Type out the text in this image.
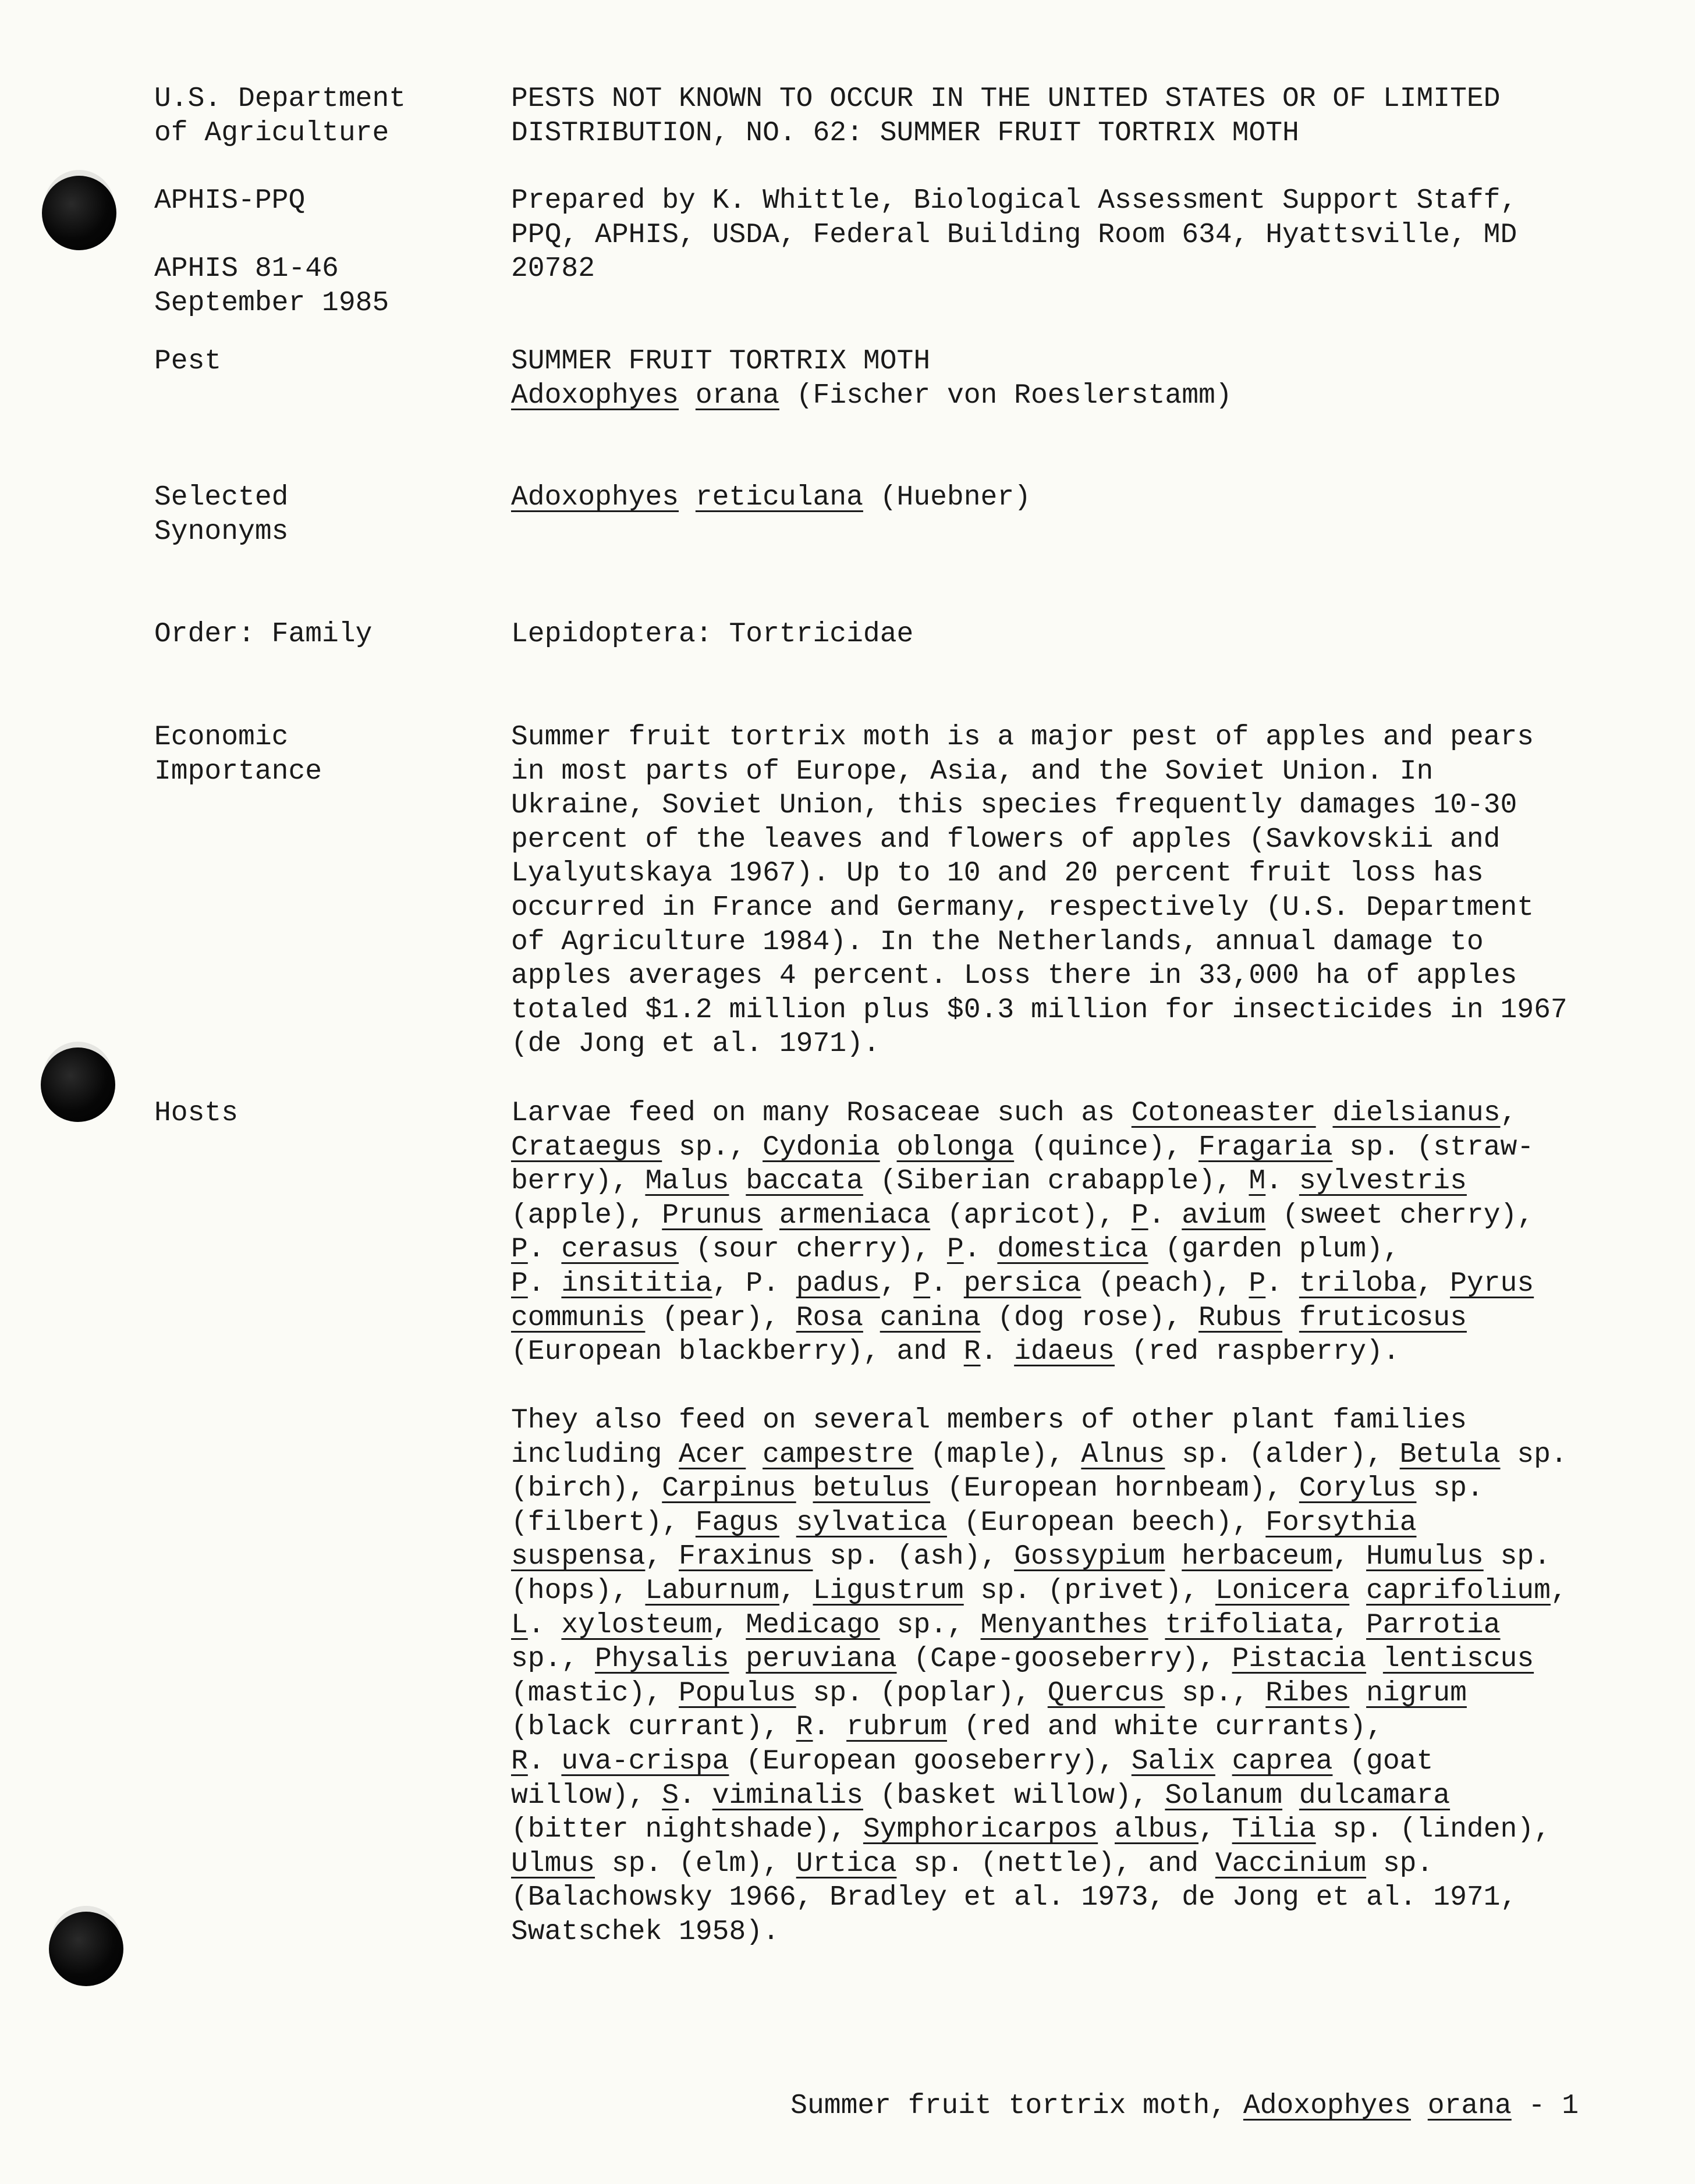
U.S. Department
of Agriculture
APHIS-PPQ
APHIS 81-46
September 1985
Pest
Selected
Synonyms
Order: Family
Economic
Importance
Hosts
PESTS NOT KNOWN TO OCCUR IN THE UNITED STATES OR OF LIMITED
DISTRIBUTION, NO. 62: SUMMER FRUIT TORTRIX MOTH
Prepared by K. Whittle, Biological Assessment Support Staff,
PPQ, APHIS, USDA, Federal Building Room 634, Hyattsville, MD
20782
SUMMER FRUIT TORTRIX MOTH
Adoxophyes orana (Fischer von Roeslerstamm)
Adoxophyes reticulana (Huebner)
Lepidoptera: Tortricidae
Summer fruit tortrix moth is a major pest of apples and pears
in most parts of Europe, Asia, and the Soviet Union. In
Ukraine, Soviet Union, this species frequently damages 10-30
percent of the leaves and flowers of apples (Savkovskii and
Lyalyutskaya 1967). Up to 10 and 20 percent fruit loss has
occurred in France and Germany, respectively (U.S. Department
of Agriculture 1984). In the Netherlands, annual damage to
apples averages 4 percent. Loss there in 33,000 ha of apples
totaled $1.2 million plus $0.3 million for insecticides in 1967
(de Jong et al. 1971).
Larvae feed on many Rosaceae such as Cotoneaster dielsianus,
Crataegus sp., Cydonia oblonga (quince), Fragaria sp. (straw-
berry), Malus baccata (Siberian crabapple), M. sylvestris
(apple), Prunus armeniaca (apricot), P. avium (sweet cherry),
P. cerasus (sour cherry), P. domestica (garden plum),
P. insititia, P. padus, P. persica (peach), P. triloba, Pyrus
communis (pear), Rosa canina (dog rose), Rubus fruticosus
(European blackberry), and R. idaeus (red raspberry).
They also feed on several members of other plant families
including Acer campestre (maple), Alnus sp. (alder), Betula sp.
(birch), Carpinus betulus (European hornbeam), Corylus sp.
(filbert), Fagus sylvatica (European beech), Forsythia
suspensa, Fraxinus sp. (ash), Gossypium herbaceum, Humulus sp.
(hops), Laburnum, Ligustrum sp. (privet), Lonicera caprifolium,
L. xylosteum, Medicago sp., Menyanthes trifoliata, Parrotia
sp., Physalis peruviana (Cape-gooseberry), Pistacia lentiscus
(mastic), Populus sp. (poplar), Quercus sp., Ribes nigrum
(black currant), R. rubrum (red and white currants),
R. uva-crispa (European gooseberry), Salix caprea (goat
willow), S. viminalis (basket willow), Solanum dulcamara
(bitter nightshade), Symphoricarpos albus, Tilia sp. (linden),
Ulmus sp. (elm), Urtica sp. (nettle), and Vaccinium sp.
(Balachowsky 1966, Bradley et al. 1973, de Jong et al. 1971,
Swatschek 1958).
Summer fruit tortrix moth, Adoxophyes orana - 1
